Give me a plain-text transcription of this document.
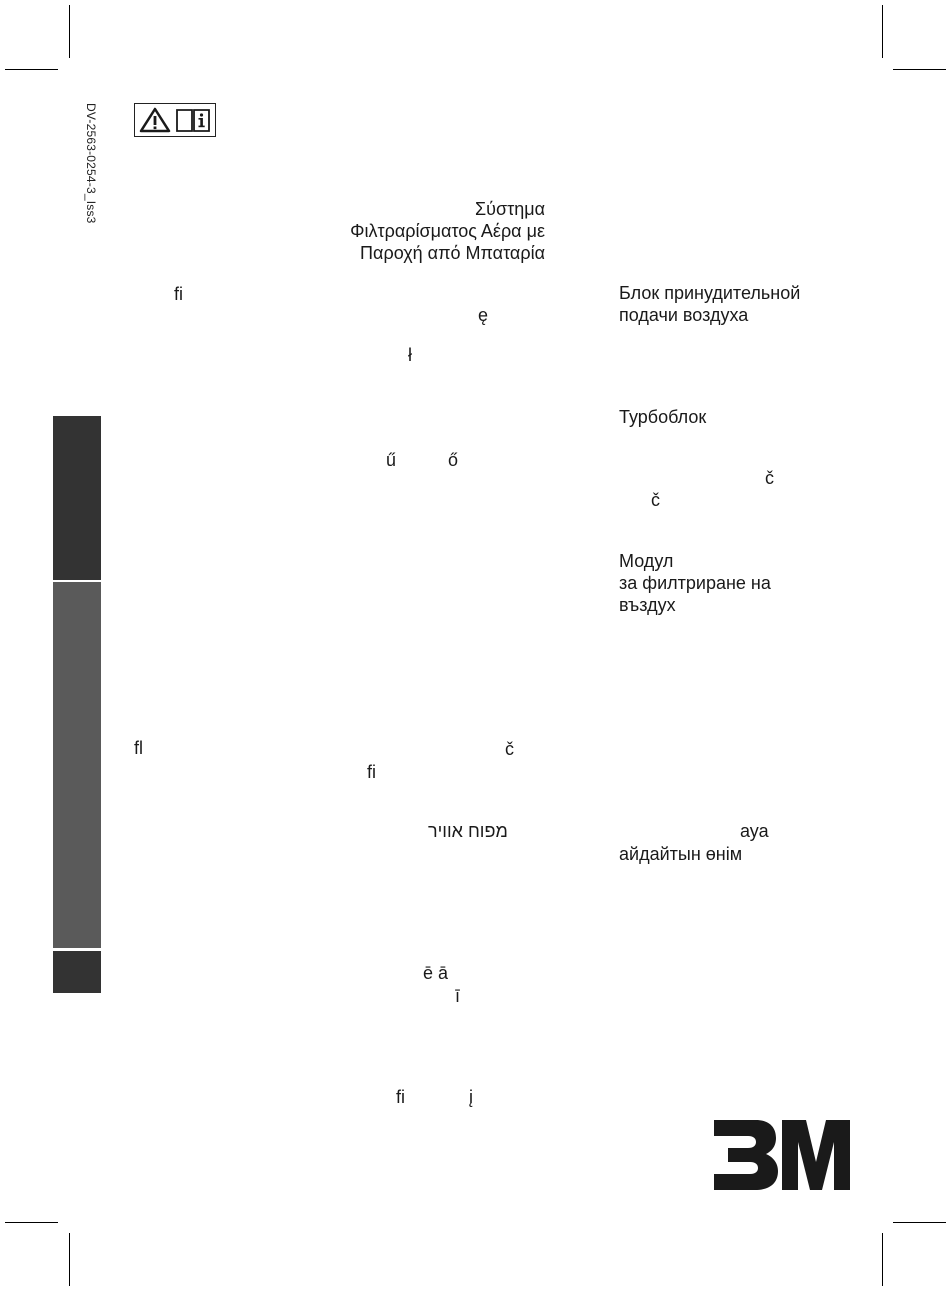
DV-2563-0254-3_Iss3
ﬁ
ﬂ
Σύστημα
Φιλτραρίσματος Αέρα με
Παροχή από Μπαταρία
ę
ł
ű	ő
č
ﬁ
מפוח אוויר
ē ā
ī
ﬁ	į
Блок принудительной
подачи воздуха
Турбоблок
č
č
Модул
за филтриране на
въздух
ауа
айдайтын өнім
